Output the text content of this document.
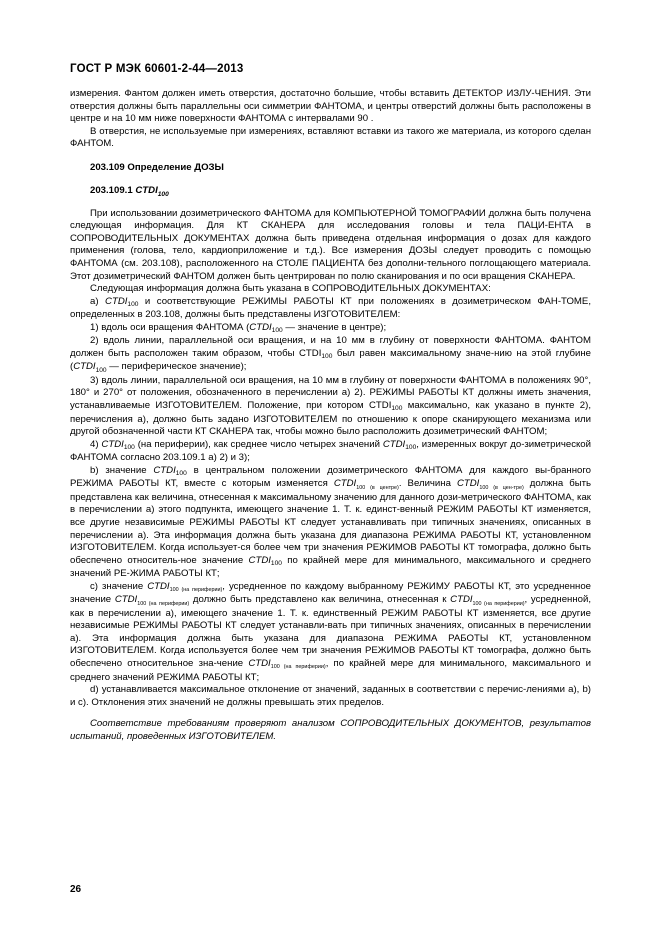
ГОСТ Р МЭК 60601-2-44—2013

измерения. Фантом должен иметь отверстия, достаточно большие, чтобы вставить ДЕТЕКТОР ИЗЛУ-ЧЕНИЯ. Эти отверстия должны быть параллельны оси симметрии ФАНТОМА, и центры отверстий должны быть расположены в центре и на 10 мм ниже поверхности ФАНТОМА с интервалами 90 .

В отверстия, не используемые при измерениях, вставляют вставки из такого же материала, из которого сделан ФАНТОМ.

203.109 Определение ДОЗЫ

203.109.1 $CTDI_{100}$

При использовании дозиметрического ФАНТОМА для КОМПЬЮТЕРНОЙ ТОМОГРАФИИ должна быть получена следующая информация. Для КТ СКАНЕРА для исследования головы и тела ПАЦИ-ЕНТА в СОПРОВОДИТЕЛЬНЫХ ДОКУМЕНТАХ должна быть приведена отдельная информация о дозах для каждого применения (голова, тело, кардиоприложение и т.д.). Все измерения ДОЗЫ следует проводить с помощью ФАНТОМА (см. 203.108), расположенного на СТОЛЕ ПАЦИЕНТА без дополни-тельного поглощающего материала. Этот дозиметрический ФАНТОМ должен быть центрирован по полю сканирования и по оси вращения СКАНЕРА.

Следующая информация должна быть указана в СОПРОВОДИТЕЛЬНЫХ ДОКУМЕНТАХ:

а) $CTDI_{100}$ и соответствующие РЕЖИМЫ РАБОТЫ КТ при положениях в дозиметрическом ФАН-ТОМЕ, определенных в 203.108, должны быть представлены ИЗГОТОВИТЕЛЕМ:

1) вдоль оси вращения ФАНТОМА ($CTDI_{100}$ — значение в центре);

2) вдоль линии, параллельной оси вращения, и на 10 мм в глубину от поверхности ФАНТОМА. ФАНТОМ должен быть расположен таким образом, чтобы $CTDI_{100}$ был равен максимальному значе-нию на этой глубине ($CTDI_{100}$ — периферическое значение);

3) вдоль линии, параллельной оси вращения, на 10 мм в глубину от поверхности ФАНТОМА в положениях 90°, 180° и 270° от положения, обозначенного в перечислении а) 2). РЕЖИМЫ РАБОТЫ КТ должны иметь значения, устанавливаемые ИЗГОТОВИТЕЛЕМ. Положение, при котором $CTDI_{100}$ максимально, как указано в пункте 2), перечисления а), должно быть задано ИЗГОТОВИТЕЛЕМ по отношению к опоре сканирующего механизма или другой обозначенной части КТ СКАНЕРА так, чтобы можно было расположить дозиметрический ФАНТОМ;

4) $CTDI_{100}$ (на периферии), как среднее число четырех значений $CTDI_{100}$, измеренных вокруг до-зиметрической ФАНТОМА согласно 203.109.1 а) 2) и 3);

b) значение $CTDI_{100}$ в центральном положении дозиметрического ФАНТОМА для каждого вы-бранного РЕЖИМА РАБОТЫ КТ, вместе с которым изменяется $CTDI_{100 (в центре)}$. Величина $CTDI_{100 (в цен-тре)}$ должна быть представлена как величина, отнесенная к максимальному значению для данного дози-метрического ФАНТОМА, как в перечислении а) этого подпункта, имеющего значение 1. Т. к. единст-венный РЕЖИМ РАБОТЫ КТ изменяется, все другие независимые РЕЖИМЫ РАБОТЫ КТ следует устанавливать при типичных значениях, описанных в перечислении а). Эта информация должна быть указана для диапазона РЕЖИМА РАБОТЫ КТ, установленном ИЗГОТОВИТЕЛЕМ. Когда использует-ся более чем три значения РЕЖИМОВ РАБОТЫ КТ томографа, должно быть обеспечено относитель-ное значение $CTDI_{100}$ по крайней мере для минимального, максимального и среднего значений РЕ-ЖИМА РАБОТЫ КТ;

с) значение $CTDI_{100 (на периферии)}$, усредненное по каждому выбранному РЕЖИМУ РАБОТЫ КТ, это усредненное значение $CTDI_{100 (на периферии)}$ должно быть представлено как величина, отнесенная к $CTDI_{100 (на периферии)}$, усредненной, как в перечислении а), имеющего значение 1. Т. к. единственный РЕЖИМ РАБОТЫ КТ изменяется, все другие независимые РЕЖИМЫ РАБОТЫ КТ следует устанавли-вать при типичных значениях, описанных в перечислении а). Эта информация должна быть указана для диапазона РЕЖИМА РАБОТЫ КТ, установленном ИЗГОТОВИТЕЛЕМ. Когда используется более чем три значения РЕЖИМОВ РАБОТЫ КТ томографа, должно быть обеспечено относительное зна-чение $CTDI_{100 (на периферии)}$, по крайней мере для минимального, максимального и среднего значений РЕЖИМА РАБОТЫ КТ;

d) устанавливается максимальное отклонение от значений, заданных в соответствии с перечис-лениями а), b) и с). Отклонения этих значений не должны превышать этих пределов.

Соответствие требованиям проверяют анализом СОПРОВОДИТЕЛЬНЫХ ДОКУМЕНТОВ, результатов испытаний, проведенных ИЗГОТОВИТЕЛЕМ.

26
